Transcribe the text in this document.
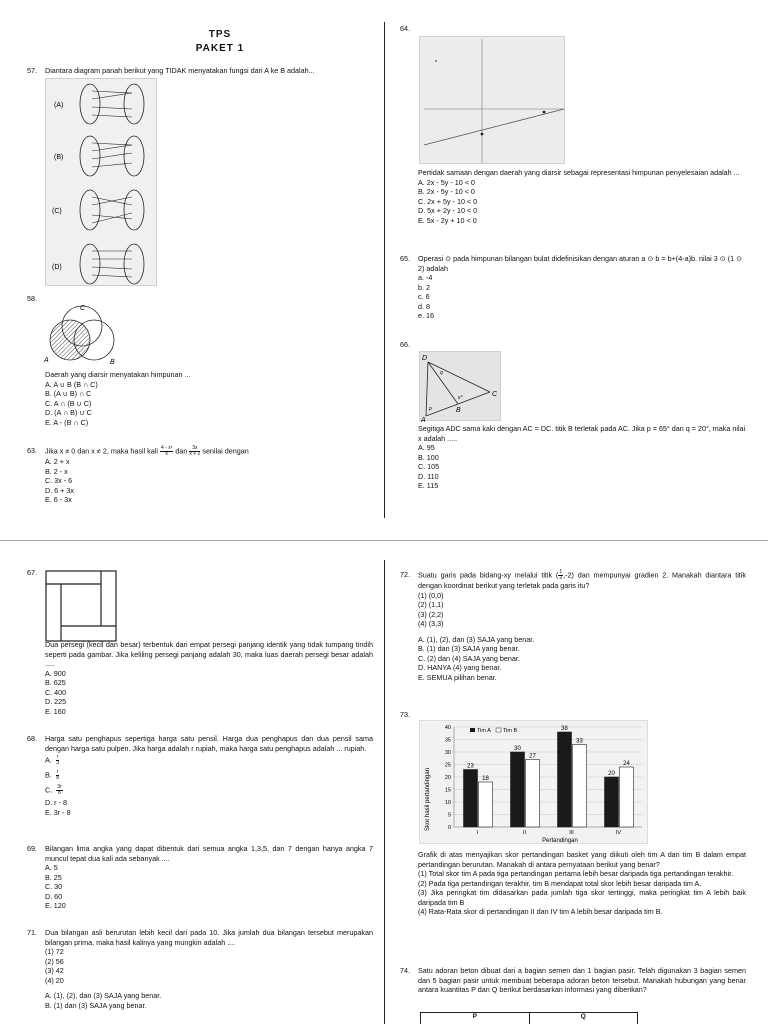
TPS
PAKET 1
57.	Diantara diagram panah berikut yang TIDAK menyatakan fungsi dari A ke B adalah...
(A)
(B)
(C)
(D)
58.
C
A	B
Daerah yang diarsir menyatakan himpunan ...
A. A ∪ B (B ∩ C)
B. (A ∪ B) ∩ C
C. A ∩ (B ∪ C)
D. (A ∩ B) ∪ C
E. A - (B ∩ C)
63.	Jika x ≠ 0 dan x ≠ 2, maka hasil kali $\frac{\text{4 - x²}}{x}$ dan $\frac{3x}{x + 2}$ senilai dengan
A. 2 + x
B. 2 - x
C. 3x - 6
D. 6 + 3x
E. 6 - 3x
64.
Pertidak samaan dengan daerah yang diarsir sebagai representasi himpunan penyelesaian adalah ...
A. 2x - 5y - 10 < 0
B. 2x - 5y - 10 < 0
C. 2x + 5y - 10 < 0
D. 5x + 2y - 10 < 0
E. 5x - 2y + 10 < 0
65.	Operasi ⊙ pada himpunan bilangan bulat didefinisikan dengan aturan a ⊙ b = b+(4-a)b. nilai 3 ⊙ (1 ⊙ 2) adalah
a. -4
b. 2
c. 6
d. 8
e. 16
66.
D
C
A
B
p
q
x°
Segitiga ADC sama kaki dengan AC = DC. titik B terletak pada AC. Jika p = 65° dan q = 20°, maka nilai x adalah .....
A. 95
B. 100
C. 105
D. 110
E. 115
67.
Dua persegi (kecil dan besar) terbentuk dari empat persegi panjang identik yang tidak tumpang tindih seperti pada gambar. Jika keliling persegi panjang adalah 30, maka luas daerah persegi besar adalah .....
A. 900
B. 625
C. 400
D. 225
E. 160
68.	Harga satu penghapus sepertiga harga satu pensil. Harga dua penghapus dan dua pensil sama dengan harga satu pulpen. Jika harga adalah r rupiah, maka harga satu penghapus adalah ... rupiah.
A. $\frac{r}{3}$
B. $\frac{r}{8}$
C. $\frac{3r}{8}$
D. r - 8
E. 3r - 8
69.	Bilangan lima angka yang dapat dibentuk dari semua angka 1,3,5, dan 7 dengan hanya angka 7 muncul tepat dua kali ada sebanyak ....
A. 5
B. 25
C. 30
D. 60
E. 120
71.	Dua bilangan asli berurutan lebih kecil dari pada 10. Jika jumlah dua bilangan tersebut merupakan bilangan prima, maka hasil kalinya yang mungkin adalah ....
(1) 72
(2) 56
(3) 42
(4) 20
A. (1), (2), dan (3) SAJA yang benar.
B. (1) dan (3) SAJA yang benar.
72.	Suatu garis pada bidang-xy melalui titik ( $\frac{1}{2} ,-2$) dan mempunyai gradien 2. Manakah diantara titik dengan koordinat berikut yang terletak pada garis itu?
(1) (0,0)
(2) (1,1)
(3) (2,2)
(4) (3,3)
A. (1), (2), dan (3) SAJA yang benar.
B. (1) dan (3) SAJA yang benar.
C. (2) dan (4) SAJA yang benar.
D. HANYA (4) yang benar.
E. SEMUA pilihan benar.
73.
0
5
10
15
20
25
30
35
40
23
18
30
27
38
33
20
24
I	II	III	IV
Skor hasil pertandingan
Pertandingan
Tim A Tim B
Grafik di atas menyajikan skor pertandingan basket yang diikuti oleh tim A dan tim B dalam empat pertandingan berurutan. Manakah di antara pernyataan berikut yang benar?
(1) Total skor tim A pada tiga pertandingan pertama lebih besar daripada tiga pertandingan terakhir.
(2) Pada tiga pertandingan terakhir, tim B mendapat total skor lebih besar daripada tim A.
(3) Jika peringkat tim didasarkan pada jumlah tiga skor tertinggi, maka peringkat tim A lebih baik daripada tim B
(4) Rata-Rata skor di pertandingan II dan IV tim A lebih besar daripada tim B.
74.	Satu adoran beton dibuat dari a bagian semen dan 1 bagian pasir. Telah digunakan 3 bagian semen dan 5 bagian pasir untuk membuat beberapa adoran beton tersebut. Manakah hubungan yang benar antara kuantitas P dan Q berikut berdasarkan informasi yang diberikan?
P	Q
